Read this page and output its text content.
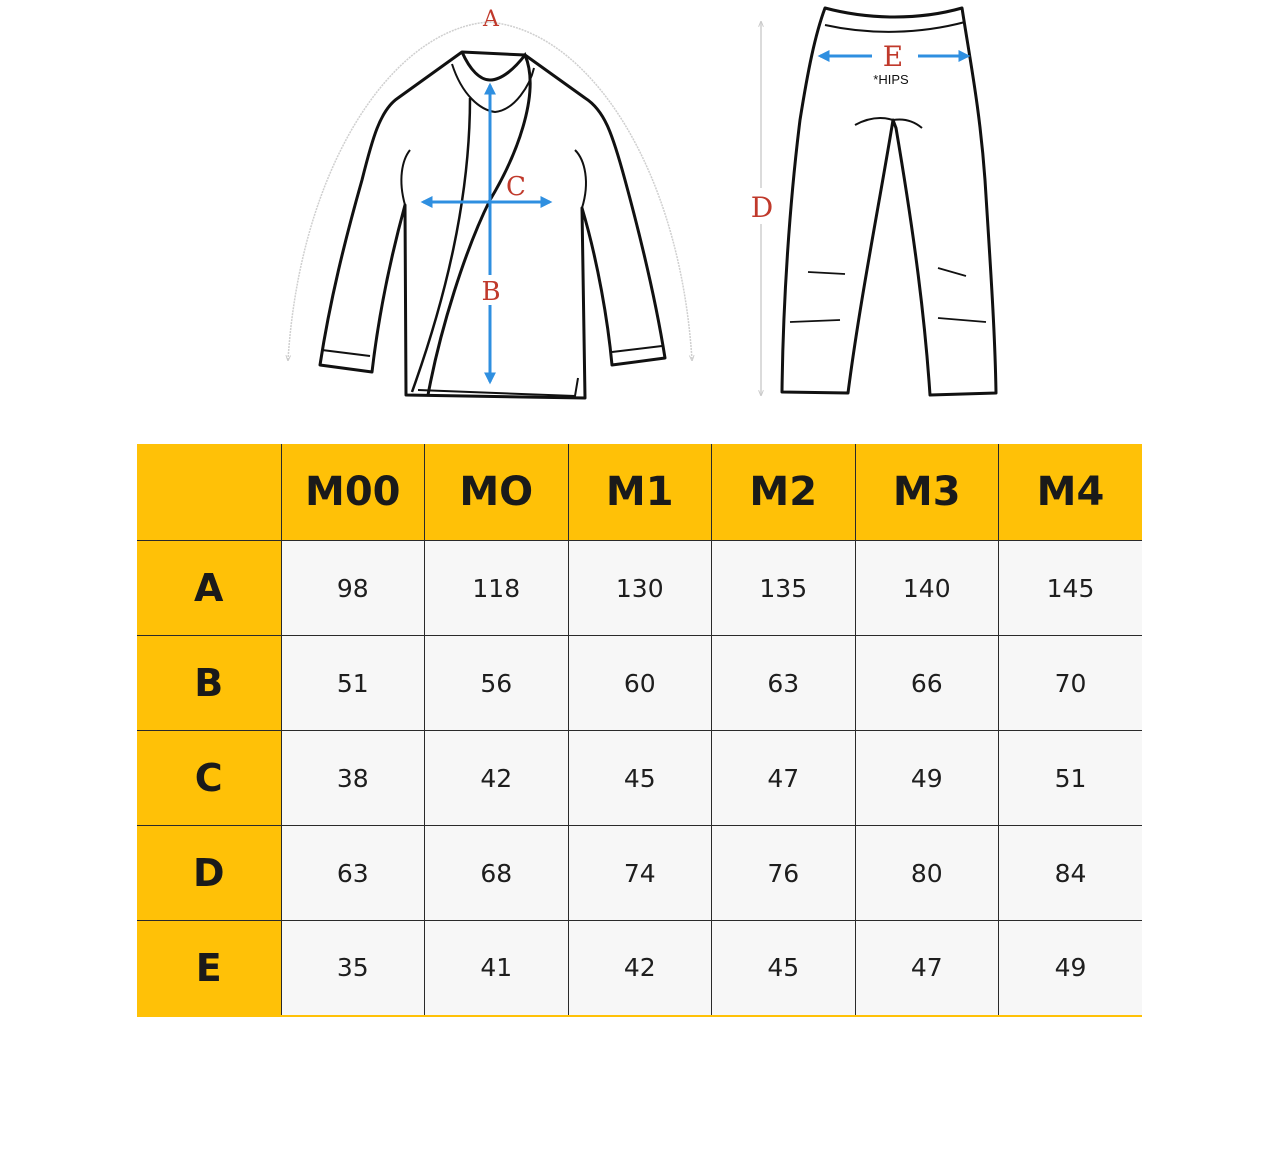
A
B
C
D
E
*HIPS
	M00	MO	M1	M2	M3	M4
A	98	118	130	135	140	145
B	51	56	60	63	66	70
C	38	42	45	47	49	51
D	63	68	74	76	80	84
E	35	41	42	45	47	49
